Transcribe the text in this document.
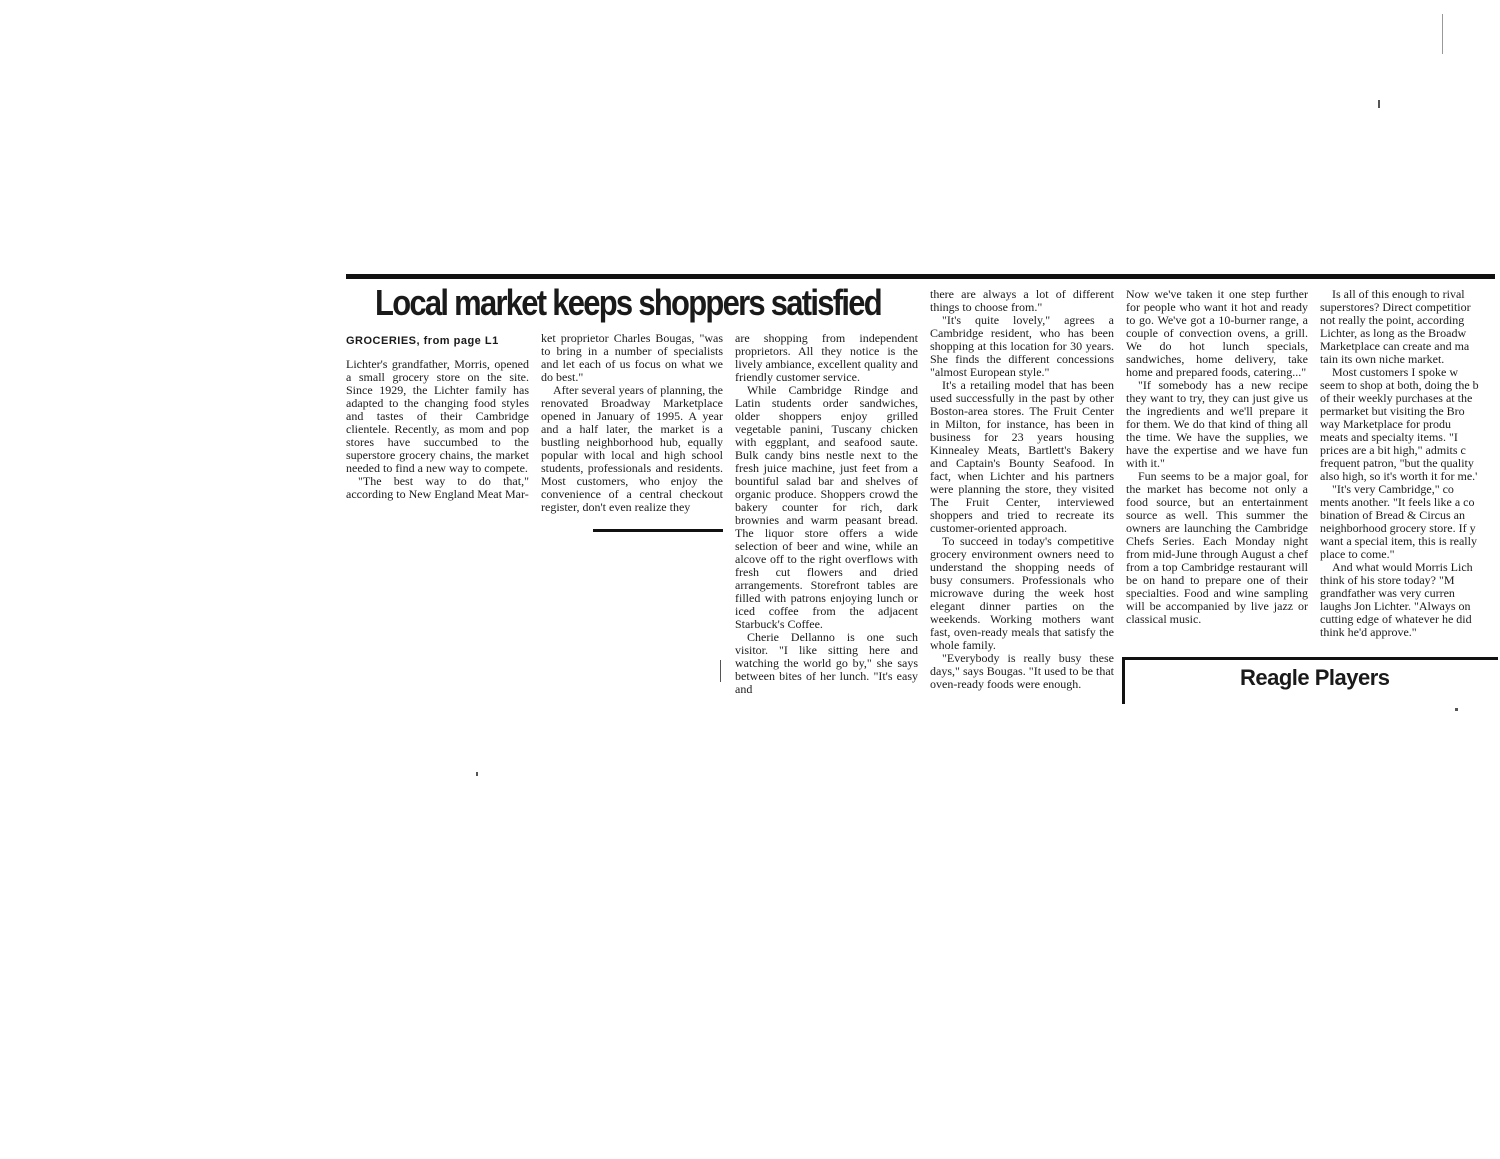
Local market keeps shoppers satisfied
GROCERIES, from page L1

Lichter's grandfather, Morris, opened a small grocery store on the site. Since 1929, the Lichter family has adapted to the changing food styles and tastes of their Cambridge clientele. Recently, as mom and pop stores have succumbed to the superstore grocery chains, the market needed to find a new way to compete.

"The best way to do that," according to New England Meat Mar-

ket proprietor Charles Bougas, "was to bring in a number of specialists and let each of us focus on what we do best."

After several years of planning, the renovated Broadway Marketplace opened in January of 1995. A year and a half later, the market is a bustling neighborhood hub, equally popular with local and high school students, professionals and residents. Most customers, who enjoy the convenience of a central checkout register, don't even realize they

are shopping from independent proprietors. All they notice is the lively ambiance, excellent quality and friendly customer service.

While Cambridge Rindge and Latin students order sandwiches, older shoppers enjoy grilled vegetable panini, Tuscany chicken with eggplant, and seafood saute. Bulk candy bins nestle next to the fresh juice machine, just feet from a bountiful salad bar and shelves of organic produce. Shoppers crowd the bakery counter for rich, dark brownies and warm peasant bread. The liquor store offers a wide selection of beer and wine, while an alcove off to the right overflows with fresh cut flowers and dried arrangements. Storefront tables are filled with patrons enjoying lunch or iced coffee from the adjacent Starbuck's Coffee.

Cherie Dellanno is one such visitor. "I like sitting here and watching the world go by," she says between bites of her lunch. "It's easy and

there are always a lot of different things to choose from."

"It's quite lovely," agrees a Cambridge resident, who has been shopping at this location for 30 years. She finds the different concessions "almost European style."

It's a retailing model that has been used successfully in the past by other Boston-area stores. The Fruit Center in Milton, for instance, has been in business for 23 years housing Kinnealey Meats, Bartlett's Bakery and Captain's Bounty Seafood. In fact, when Lichter and his partners were planning the store, they visited The Fruit Center, interviewed shoppers and tried to recreate its customer-oriented approach.

To succeed in today's competitive grocery environment owners need to understand the shopping needs of busy consumers. Professionals who microwave during the week host elegant dinner parties on the weekends. Working mothers want fast, oven-ready meals that satisfy the whole family.

"Everybody is really busy these days," says Bougas. "It used to be that oven-ready foods were enough.

Now we've taken it one step further for people who want it hot and ready to go. We've got a 10-burner range, a couple of convection ovens, a grill. We do hot lunch specials, sandwiches, home delivery, take home and prepared foods, catering..."

"If somebody has a new recipe they want to try, they can just give us the ingredients and we'll prepare it for them. We do that kind of thing all the time. We have the supplies, we have the expertise and we have fun with it."

Fun seems to be a major goal, for the market has become not only a food source, but an entertainment source as well. This summer the owners are launching the Cambridge Chefs Series. Each Monday night from mid-June through August a chef from a top Cambridge restaurant will be on hand to prepare one of their specialties. Food and wine sampling will be accompanied by live jazz or classical music.

Is all of this enough to rival

superstores? Direct competitior

not really the point, according

Lichter, as long as the Broadw

Marketplace can create and ma

tain its own niche market.

Most customers I spoke w

seem to shop at both, doing the b

of their weekly purchases at the

permarket but visiting the Bro

way Marketplace for produ

meats and specialty items. "I

prices are a bit high," admits c

frequent patron, "but the quality

also high, so it's worth it for me.'

"It's very Cambridge," co

ments another. "It feels like a co

bination of Bread & Circus an

neighborhood grocery store. If y

want a special item, this is really

place to come."

And what would Morris Lich

think of his store today? "M

grandfather was very curren

laughs Jon Lichter. "Always on

cutting edge of whatever he did

think he'd approve."

Reagle Players
